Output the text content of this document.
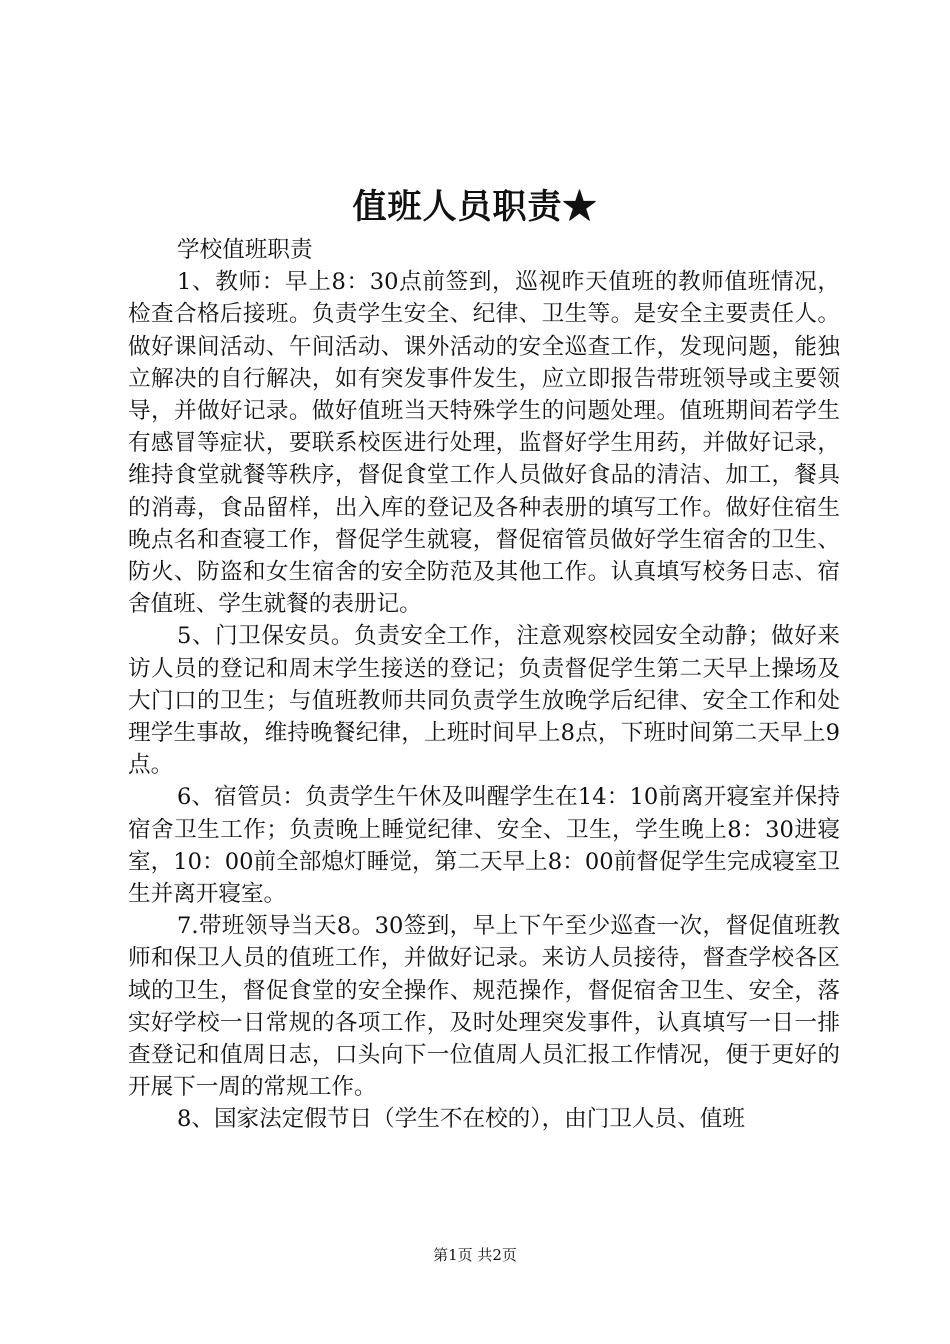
值班人员职责★

学校值班职责

1、教师：早上8：30点前签到，巡视昨天值班的教师值班情况，检查合格后接班。负责学生安全、纪律、卫生等。是安全主要责任人。做好课间活动、午间活动、课外活动的安全巡查工作，发现问题，能独立解决的自行解决，如有突发事件发生，应立即报告带班领导或主要领导，并做好记录。做好值班当天特殊学生的问题处理。值班期间若学生有感冒等症状，要联系校医进行处理，监督好学生用药，并做好记录，维持食堂就餐等秩序，督促食堂工作人员做好食品的清洁、加工，餐具的消毒，食品留样，出入库的登记及各种表册的填写工作。做好住宿生晚点名和查寝工作，督促学生就寝，督促宿管员做好学生宿舍的卫生、防火、防盗和女生宿舍的安全防范及其他工作。认真填写校务日志、宿舍值班、学生就餐的表册记。

5、门卫保安员。负责安全工作，注意观察校园安全动静；做好来访人员的登记和周末学生接送的登记；负责督促学生第二天早上操场及大门口的卫生；与值班教师共同负责学生放晚学后纪律、安全工作和处理学生事故，维持晚餐纪律，上班时间早上8点，下班时间第二天早上9点。

6、宿管员：负责学生午休及叫醒学生在14：10前离开寝室并保持宿舍卫生工作；负责晚上睡觉纪律、安全、卫生，学生晚上8：30进寝室，10：00前全部熄灯睡觉，第二天早上8：00前督促学生完成寝室卫生并离开寝室。

7.带班领导当天8。30签到，早上下午至少巡查一次，督促值班教师和保卫人员的值班工作，并做好记录。来访人员接待，督查学校各区域的卫生，督促食堂的安全操作、规范操作，督促宿舍卫生、安全，落实好学校一日常规的各项工作，及时处理突发事件，认真填写一日一排查登记和值周日志，口头向下一位值周人员汇报工作情况，便于更好的开展下一周的常规工作。

8、国家法定假节日（学生不在校的），由门卫人员、值班

第1页 共2页
